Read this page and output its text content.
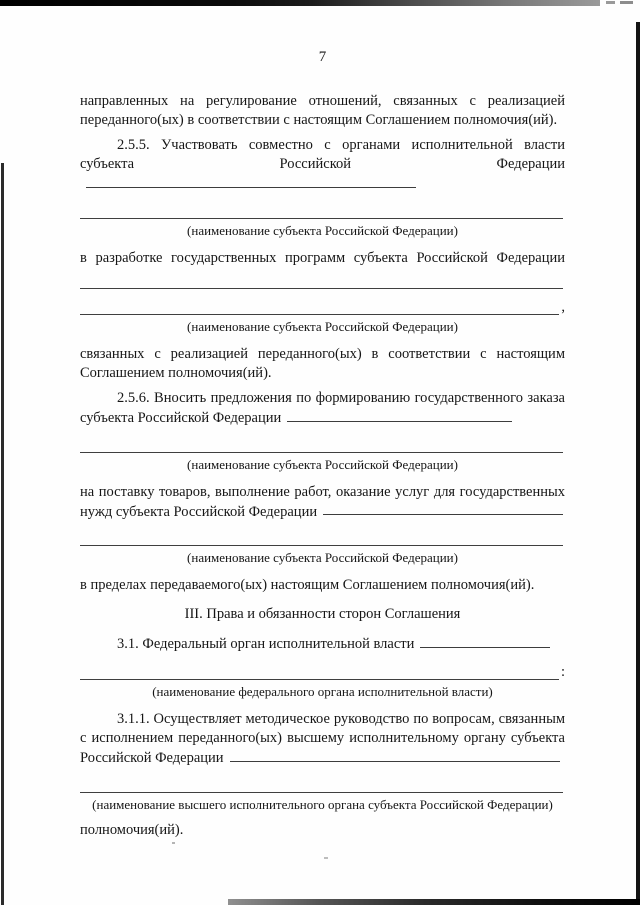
7

направленных на регулирование отношений, связанных с реализацией переданного(ых) в соответствии с настоящим Соглашением полномочия(ий).

2.5.5. Участвовать совместно с органами исполнительной власти субъекта Российской Федерации

(наименование субъекта Российской Федерации)

в разработке государственных программ субъекта Российской Федерации

,
(наименование субъекта Российской Федерации)

связанных с реализацией переданного(ых) в соответствии с настоящим Соглашением полномочия(ий).

2.5.6. Вносить предложения по формированию государственного заказа субъекта Российской Федерации

(наименование субъекта Российской Федерации)

на поставку товаров, выполнение работ, оказание услуг для государственных нужд субъекта Российской Федерации

(наименование субъекта Российской Федерации)

в пределах передаваемого(ых) настоящим Соглашением полномочия(ий).

III. Права и обязанности сторон Соглашения

3.1. Федеральный орган исполнительной власти

:
(наименование федерального органа исполнительной власти)

3.1.1. Осуществляет методическое руководство по вопросам, связанным с исполнением переданного(ых) высшему исполнительному органу субъекта Российской Федерации

(наименование высшего исполнительного органа субъекта Российской Федерации)

полномочия(ий).
